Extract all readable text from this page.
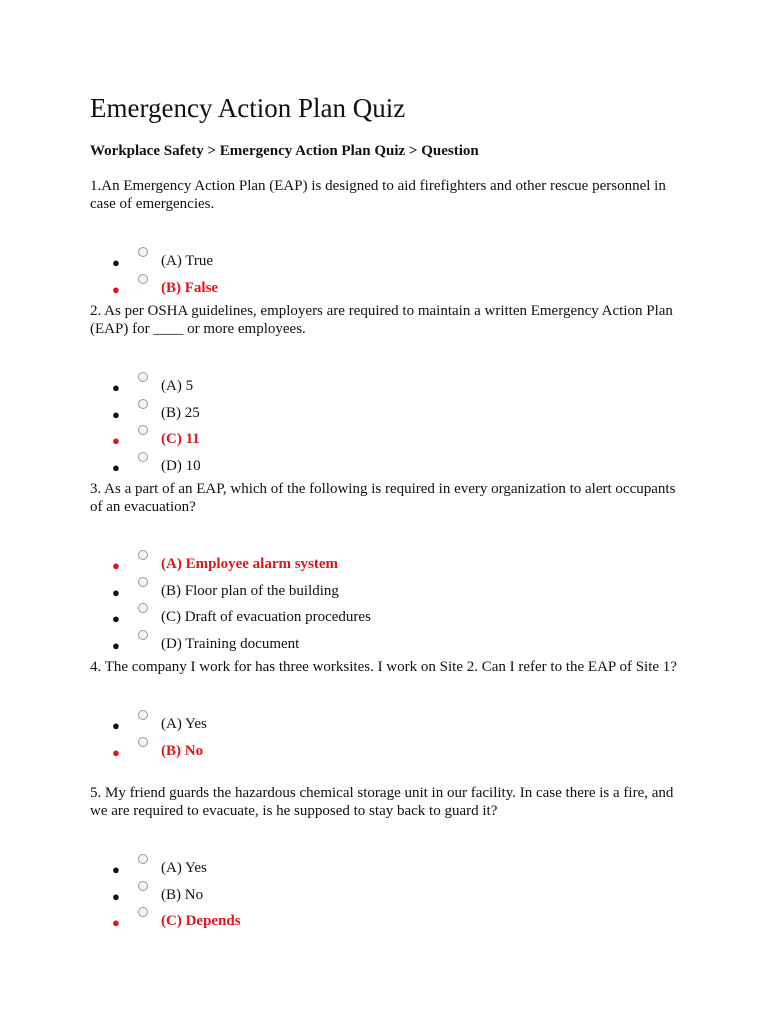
Emergency Action Plan Quiz
Workplace Safety > Emergency Action Plan Quiz > Question

1.An Emergency Action Plan (EAP) is designed to aid firefighters and other rescue personnel in case of emergencies.

●	(A) True
●	(B) False

2. As per OSHA guidelines, employers are required to maintain a written Emergency Action Plan (EAP) for ____ or more employees.

●	(A) 5
●	(B) 25
●	(C) 11
●	(D) 10

3. As a part of an EAP, which of the following is required in every organization to alert occupants of an evacuation?

●	(A) Employee alarm system
●	(B) Floor plan of the building
●	(C) Draft of evacuation procedures
●	(D) Training document

4. The company I work for has three worksites. I work on Site 2. Can I refer to the EAP of Site 1?

●	(A) Yes
●	(B) No

5. My friend guards the hazardous chemical storage unit in our facility. In case there is a fire, and we are required to evacuate, is he supposed to stay back to guard it?

●	(A) Yes
●	(B) No
●	(C) Depends
